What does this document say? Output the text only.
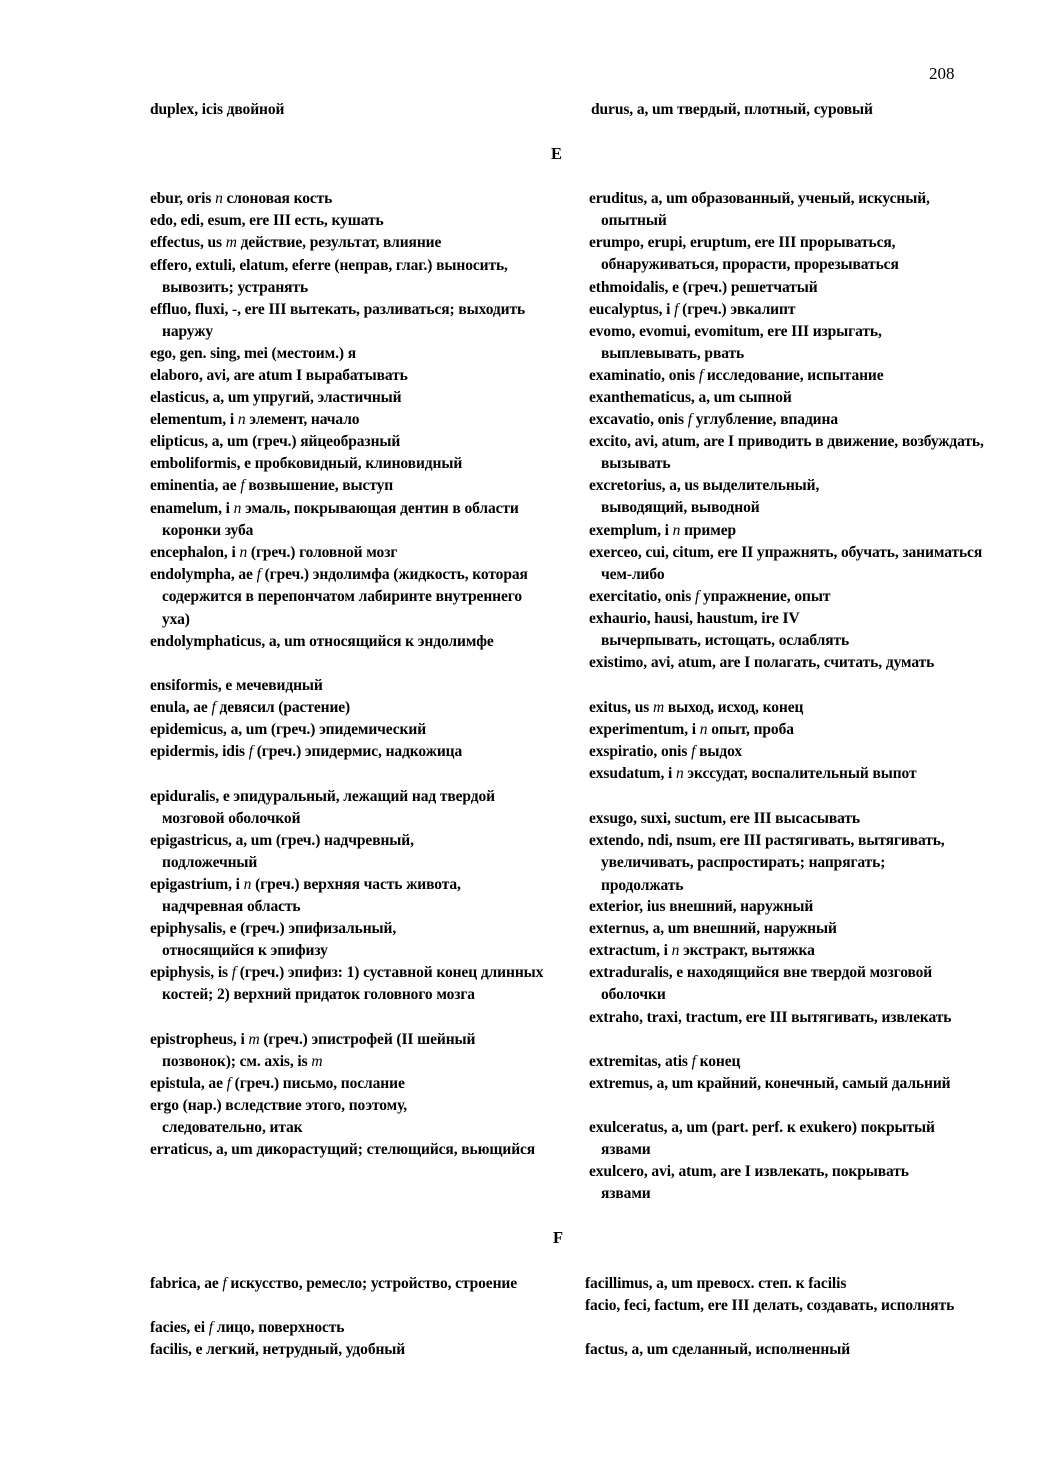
208
duplex, icis двойной	durus, a, um твердый, плотный, суровый
E
ebur, oris n слоновая кость
edo, edi, esum, ere III есть, кушать
effectus, us m действие, результат, влияние
effero, extuli, elatum, eferre (неправ, глаг.) выносить, вывозить; устранять
effluo, fluxi, -, ere III вытекать, разливаться; выходить наружу
ego, gen. sing, mei (местоим.) я
elaboro, avi, are atum I вырабатывать
elasticus, a, um упругий, эластичный
elementum, i n элемент, начало
elipticus, a, um (греч.) яйцеобразный
emboliformis, e пробковидный, клиновидный
eminentia, ae f возвышение, выступ
enamelum, i n эмаль, покрывающая дентин в области коронки зуба
encephalon, i n (греч.) головной мозг
endolympha, ae f (греч.) эндолимфа (жидкость, которая содержится в перепончатом лабиринте внутреннего уха)
endolymphaticus, a, um относящийся к эндолимфе
ensiformis, e мечевидный
enula, ae f девясил (растение)
epidemicus, a, um (греч.) эпидемический
epidermis, idis f (греч.) эпидермис, надкожица
epiduralis, e эпидуральный, лежащий над твердой мозговой оболочкой
epigastricus, a, um (греч.) надчревный, подложечный
epigastrium, i n (греч.) верхняя часть живота, надчревная область
epiphysalis, e (греч.) эпифизальный, относящийся к эпифизу
epiphysis, is f (греч.) эпифиз: 1) суставной конец длинных костей; 2) верхний придаток головного мозга
epistropheus, i m (греч.) эпистрофей (II шейный позвонок); см. axis, is m
epistula, ae f (греч.) письмо, послание
ergo (нар.) вследствие этого, поэтому, следовательно, итак
erraticus, a, um дикорастущий; стелющийся, вьющийся
eruditus, a, um образованный, ученый, искусный, опытный
erumpo, erupi, eruptum, ere III прорываться, обнаруживаться, прорасти, прорезываться
ethmoidalis, e (греч.) решетчатый
eucalyptus, i f (греч.) эвкалипт
evomo, evomui, evomitum, ere III изрыгать, выплевывать, рвать
examinatio, onis f исследование, испытание
exanthematicus, a, um сыпной
excavatio, onis f углубление, впадина
excito, avi, atum, are I приводить в движение, возбуждать, вызывать
excretorius, a, us выделительный, выводящий, выводной
exemplum, i n пример
exerceo, cui, citum, ere II упражнять, обучать, заниматься чем-либо
exercitatio, onis f упражнение, опыт
exhaurio, hausi, haustum, ire IV вычерпывать, истощать, ослаблять
existimo, avi, atum, are I полагать, считать, думать
exitus, us m выход, исход, конец
experimentum, i n опыт, проба
exspiratio, onis f выдох
exsudatum, i n экссудат, воспалительный выпот
exsugo, suxi, suctum, ere III высасывать
extendo, ndi, nsum, ere III растягивать, вытягивать, увеличивать, распростирать; напрягать; продолжать
exterior, ius внешний, наружный
externus, a, um внешний, наружный
extractum, i n экстракт, вытяжка
extraduralis, e находящийся вне твердой мозговой оболочки
extraho, traxi, tractum, ere III вытягивать, извлекать
extremitas, atis f конец
extremus, a, um крайний, конечный, самый дальний
exulceratus, a, um (part. perf. к exukero) покрытый язвами
exulcero, avi, atum, are I извлекать, покрывать язвами
F
fabrica, ae f искусство, ремесло; устройство, строение
facies, ei f лицо, поверхность
facilis, e легкий, нетрудный, удобный
facillimus, a, um превосх. степ. к facilis
facio, feci, factum, ere III делать, создавать, исполнять
factus, a, um сделанный, исполненный
